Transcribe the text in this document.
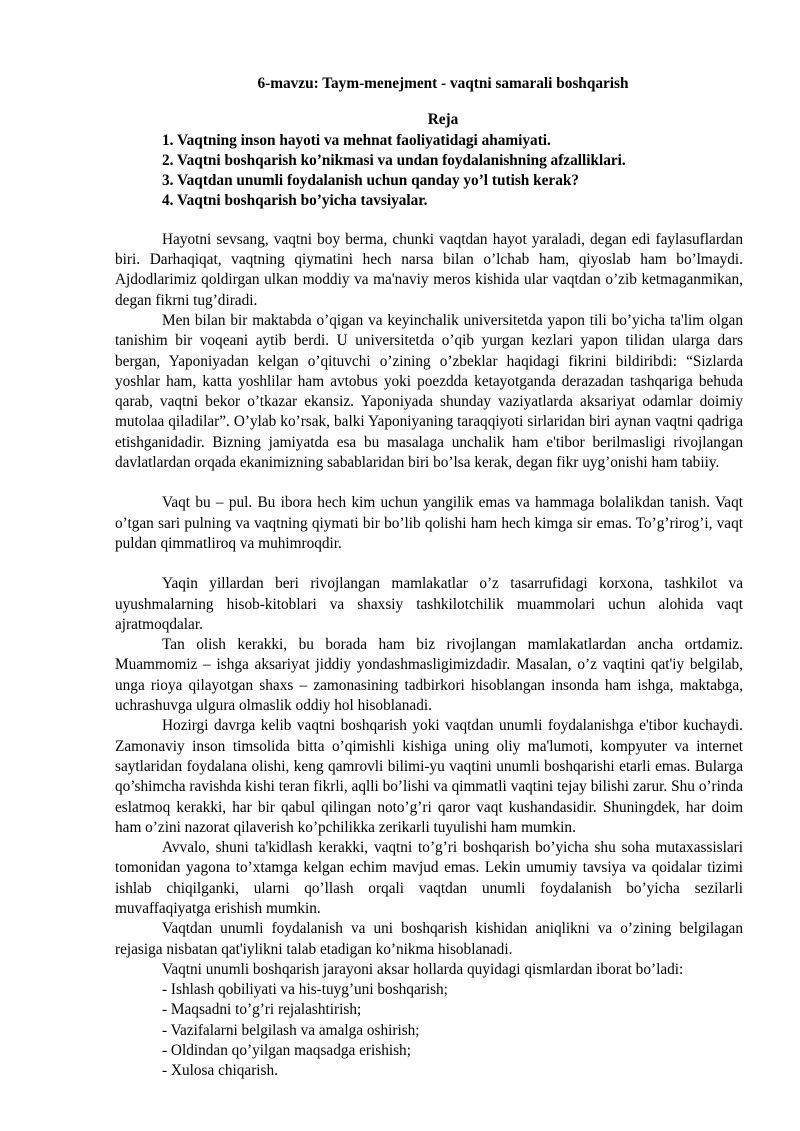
6-mavzu: Taym-menejment - vaqtni samarali boshqarish
Reja
1. Vaqtning inson hayoti va mehnat faoliyatidagi ahamiyati.
2. Vaqtni boshqarish ko’nikmasi va undan foydalanishning afzalliklari.
3. Vaqtdan unumli foydalanish uchun qanday yo’l tutish kerak?
4. Vaqtni boshqarish bo’yicha tavsiyalar.

Hayotni sevsang, vaqtni boy berma, chunki vaqtdan hayot yaraladi, degan edi faylasuflardan biri. Darhaqiqat, vaqtning qiymatini hech narsa bilan o’lchab ham, qiyoslab ham bo’lmaydi. Ajdodlarimiz qoldirgan ulkan moddiy va ma'naviy meros kishida ular vaqtdan o’zib ketmaganmikan, degan fikrni tug’diradi.

Men bilan bir maktabda o’qigan va keyinchalik universitetda yapon tili bo’yicha ta'lim olgan tanishim bir voqeani aytib berdi. U universitetda o’qib yurgan kezlari yapon tilidan ularga dars bergan, Yaponiyadan kelgan o’qituvchi o’zining o’zbeklar haqidagi fikrini bildiribdi: “Sizlarda yoshlar ham, katta yoshlilar ham avtobus yoki poezdda ketayotganda derazadan tashqariga behuda qarab, vaqtni bekor o’tkazar ekansiz. Yaponiyada shunday vaziyatlarda aksariyat odamlar doimiy mutolaa qiladilar”. O’ylab ko’rsak, balki Yaponiyaning taraqqiyoti sirlaridan biri aynan vaqtni qadriga etishganidadir. Bizning jamiyatda esa bu masalaga unchalik ham e'tibor berilmasligi rivojlangan davlatlardan orqada ekanimizning sabablaridan biri bo’lsa kerak, degan fikr uyg’onishi ham tabiiy.

Vaqt bu – pul. Bu ibora hech kim uchun yangilik emas va hammaga bolalikdan tanish. Vaqt o’tgan sari pulning va vaqtning qiymati bir bo’lib qolishi ham hech kimga sir emas. To’g’rirog’i, vaqt puldan qimmatliroq va muhimroqdir.

Yaqin yillardan beri rivojlangan mamlakatlar o’z tasarrufidagi korxona, tashkilot va uyushmalarning hisob-kitoblari va shaxsiy tashkilotchilik muammolari uchun alohida vaqt ajratmoqdalar.

Tan olish kerakki, bu borada ham biz rivojlangan mamlakatlardan ancha ortdamiz. Muammomiz – ishga aksariyat jiddiy yondashmasligimizdadir. Masalan, o’z vaqtini qat'iy belgilab, unga rioya qilayotgan shaxs – zamonasining tadbirkori hisoblangan insonda ham ishga, maktabga, uchrashuvga ulgura olmaslik oddiy hol hisoblanadi.

Hozirgi davrga kelib vaqtni boshqarish yoki vaqtdan unumli foydalanishga e'tibor kuchaydi. Zamonaviy inson timsolida bitta o’qimishli kishiga uning oliy ma'lumoti, kompyuter va internet saytlaridan foydalana olishi, keng qamrovli bilimi-yu vaqtini unumli boshqarishi etarli emas. Bularga qo’shimcha ravishda kishi teran fikrli, aqlli bo’lishi va qimmatli vaqtini tejay bilishi zarur. Shu o’rinda eslatmoq kerakki, har bir qabul qilingan noto’g’ri qaror vaqt kushandasidir. Shuningdek, har doim ham o’zini nazorat qilaverish ko’pchilikka zerikarli tuyulishi ham mumkin.

Avvalo, shuni ta'kidlash kerakki, vaqtni to’g’ri boshqarish bo’yicha shu soha mutaxassislari tomonidan yagona to’xtamga kelgan echim mavjud emas. Lekin umumiy tavsiya va qoidalar tizimi ishlab chiqilganki, ularni qo’llash orqali vaqtdan unumli foydalanish bo’yicha sezilarli muvaffaqiyatga erishish mumkin.

Vaqtdan unumli foydalanish va uni boshqarish kishidan aniqlikni va o’zining belgilagan rejasiga nisbatan qat'iylikni talab etadigan ko’nikma hisoblanadi.

Vaqtni unumli boshqarish jarayoni aksar hollarda quyidagi qismlardan iborat bo’ladi:

- Ishlash qobiliyati va his-tuyg’uni boshqarish;
- Maqsadni to’g’ri rejalashtirish;
- Vazifalarni belgilash va amalga oshirish;
- Oldindan qo’yilgan maqsadga erishish;
- Xulosa chiqarish.
